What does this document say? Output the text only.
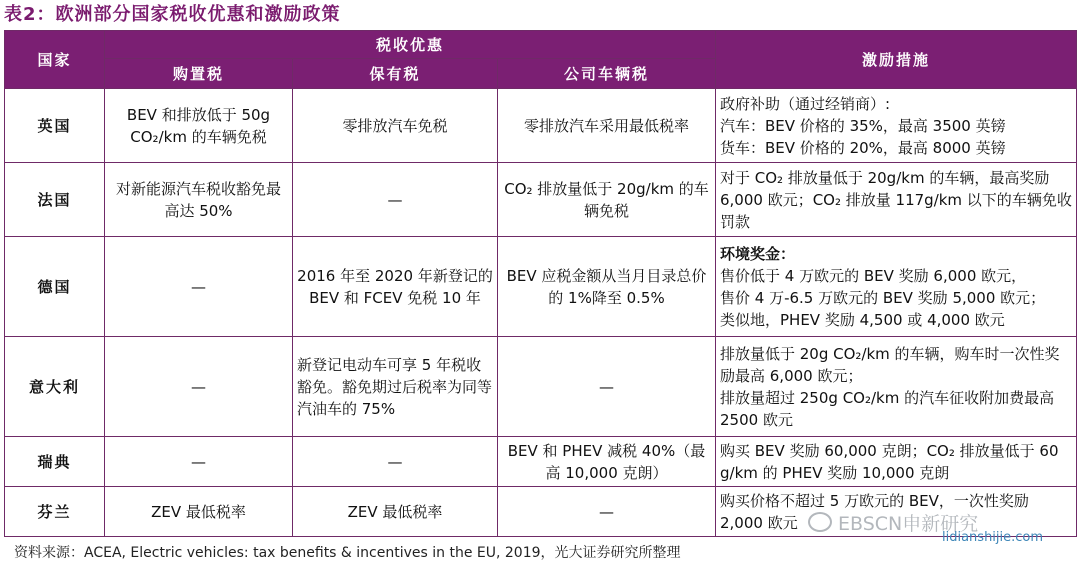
表2：欧洲部分国家税收优惠和激励政策
国家	税收优惠			激励措施
	购置税	保有税	公司车辆税	
英国	BEV 和排放低于 50g CO₂/km 的车辆免税	零排放汽车免税	零排放汽车采用最低税率	政府补助（通过经销商）:
汽车：BEV 价格的 35%，最高 3500 英镑
货车：BEV 价格的 20%，最高 8000 英镑

法国	对新能源汽车税收豁免最高达 50%	—	CO₂ 排放量低于 20g/km 的车辆免税	对于 CO₂ 排放量低于 20g/km 的车辆，最高奖励 6,000 欧元；CO₂ 排放量 117g/km 以下的车辆免收罚款

德国	—	2016 年至 2020 年新登记的 BEV 和 FCEV 免税 10 年	BEV 应税金额从当月目录总价的 1%降至 0.5%	环境奖金：
售价低于 4 万欧元的 BEV 奖励 6,000 欧元，
售价 4 万-6.5 万欧元的 BEV 奖励 5,000 欧元；
类似地，PHEV 奖励 4,500 或 4,000 欧元

意大利	—	新登记电动车可享 5 年税收豁免。豁免期过后税率为同等汽油车的 75%	—	排放量低于 20g CO₂/km 的车辆，购车时一次性奖励最高 6,000 欧元；
排放量超过 250g CO₂/km 的汽车征收附加费最高 2500 欧元

瑞典	—	—	BEV 和 PHEV 减税 40%（最高 10,000 克朗）	购买 BEV 奖励 60,000 克朗；CO₂ 排放量低于 60 g/km 的 PHEV 奖励 10,000 克朗

芬兰	ZEV 最低税率	ZEV 最低税率	—	购买价格不超过 5 万欧元的 BEV，一次性奖励 2,000 欧元	EBSCN申新研究
lidianshijie.com
资料来源：ACEA, Electric vehicles: tax benefits & incentives in the EU, 2019，光大证券研究所整理
